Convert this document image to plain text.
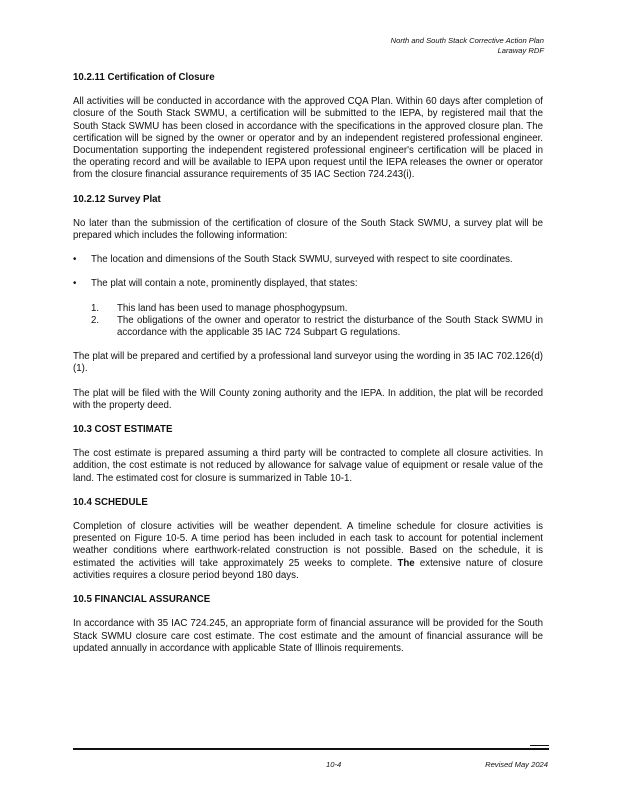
North and South Stack Corrective Action Plan
Laraway RDF
10.2.11 Certification of Closure

All activities will be conducted in accordance with the approved CQA Plan. Within 60 days after completion of closure of the South Stack SWMU, a certification will be submitted to the IEPA, by registered mail that the South Stack SWMU has been closed in accordance with the specifications in the approved closure plan. The certification will be signed by the owner or operator and by an independent registered professional engineer. Documentation supporting the independent registered professional engineer's certification will be placed in the operating record and will be available to IEPA upon request until the IEPA releases the owner or operator from the closure financial assurance requirements of 35 IAC Section 724.243(i).

10.2.12 Survey Plat

No later than the submission of the certification of closure of the South Stack SWMU, a survey plat will be prepared which includes the following information:

• The location and dimensions of the South Stack SWMU, surveyed with respect to site coordinates.
• The plat will contain a note, prominently displayed, that states:
1. This land has been used to manage phosphogypsum.
2. The obligations of the owner and operator to restrict the disturbance of the South Stack SWMU in accordance with the applicable 35 IAC 724 Subpart G regulations.

The plat will be prepared and certified by a professional land surveyor using the wording in 35 IAC 702.126(d)(1).

The plat will be filed with the Will County zoning authority and the IEPA. In addition, the plat will be recorded with the property deed.

10.3 COST ESTIMATE

The cost estimate is prepared assuming a third party will be contracted to complete all closure activities. In addition, the cost estimate is not reduced by allowance for salvage value of equipment or resale value of the land. The estimated cost for closure is summarized in Table 10-1.

10.4 SCHEDULE

Completion of closure activities will be weather dependent. A timeline schedule for closure activities is presented on Figure 10-5. A time period has been included in each task to account for potential inclement weather conditions where earthwork-related construction is not possible. Based on the schedule, it is estimated the activities will take approximately 25 weeks to complete. The extensive nature of closure activities requires a closure period beyond 180 days.

10.5 FINANCIAL ASSURANCE

In accordance with 35 IAC 724.245, an appropriate form of financial assurance will be provided for the South Stack SWMU closure care cost estimate. The cost estimate and the amount of financial assurance will be updated annually in accordance with applicable State of Illinois requirements.

10-4	Revised May 2024
